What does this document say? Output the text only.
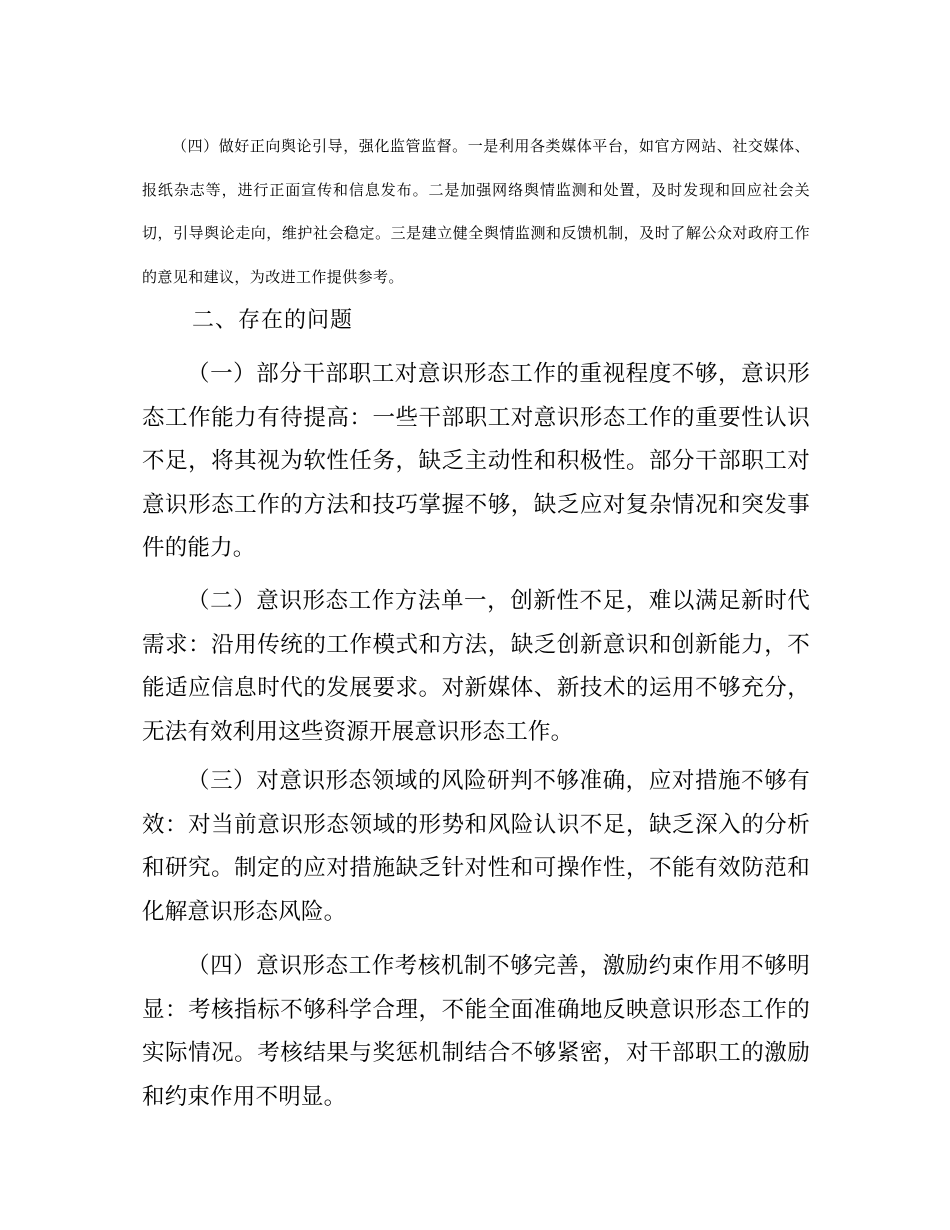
（四）做好正向舆论引导，强化监管监督。一是利用各类媒体平台，如官方网站、社交媒体、报纸杂志等，进行正面宣传和信息发布。二是加强网络舆情监测和处置，及时发现和回应社会关切，引导舆论走向，维护社会稳定。三是建立健全舆情监测和反馈机制，及时了解公众对政府工作的意见和建议，为改进工作提供参考。

二、存在的问题

（一）部分干部职工对意识形态工作的重视程度不够，意识形态工作能力有待提高：一些干部职工对意识形态工作的重要性认识不足，将其视为软性任务，缺乏主动性和积极性。部分干部职工对意识形态工作的方法和技巧掌握不够，缺乏应对复杂情况和突发事件的能力。

（二）意识形态工作方法单一，创新性不足，难以满足新时代需求：沿用传统的工作模式和方法，缺乏创新意识和创新能力，不能适应信息时代的发展要求。对新媒体、新技术的运用不够充分，无法有效利用这些资源开展意识形态工作。

（三）对意识形态领域的风险研判不够准确，应对措施不够有效：对当前意识形态领域的形势和风险认识不足，缺乏深入的分析和研究。制定的应对措施缺乏针对性和可操作性，不能有效防范和化解意识形态风险。

（四）意识形态工作考核机制不够完善，激励约束作用不够明显：考核指标不够科学合理，不能全面准确地反映意识形态工作的实际情况。考核结果与奖惩机制结合不够紧密，对干部职工的激励和约束作用不明显。
